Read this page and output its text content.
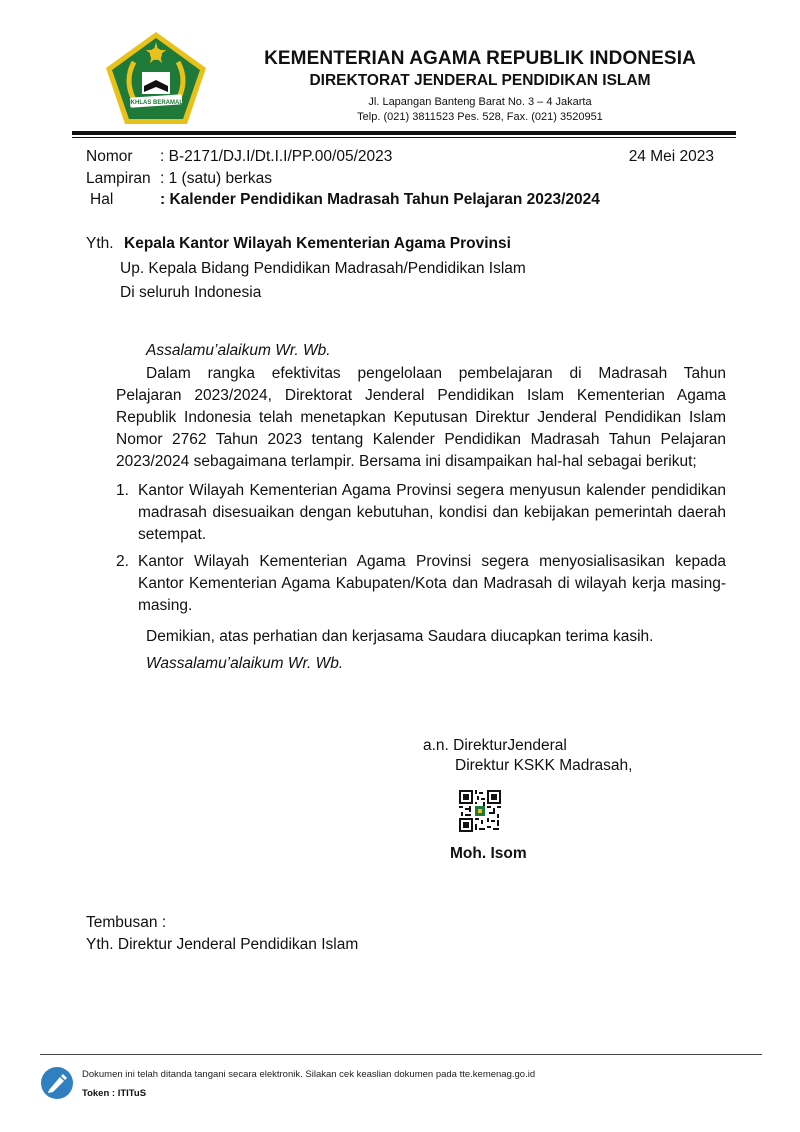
IKHLAS BERAMAL
KEMENTERIAN AGAMA REPUBLIK INDONESIA
DIREKTORAT JENDERAL PENDIDIKAN ISLAM
Jl. Lapangan Banteng Barat No. 3 – 4 Jakarta
Telp. (021) 3811523 Pes. 528, Fax. (021) 3520951
Nomor : B-2171/DJ.I/Dt.I.I/PP.00/05/2023	24 Mei 2023
Lampiran : 1 (satu) berkas
Hal	: Kalender Pendidikan Madrasah Tahun Pelajaran 2023/2024
Yth. Kepala Kantor Wilayah Kementerian Agama Provinsi
Up. Kepala Bidang Pendidikan Madrasah/Pendidikan Islam
Di seluruh Indonesia
Assalamu’alaikum Wr. Wb.
Dalam rangka efektivitas pengelolaan pembelajaran di Madrasah Tahun
Pelajaran 2023/2024, Direktorat Jenderal Pendidikan Islam Kementerian Agama Republik Indonesia telah menetapkan Keputusan Direktur Jenderal Pendidikan Islam Nomor 2762 Tahun 2023 tentang Kalender Pendidikan Madrasah Tahun Pelajaran 2023/2024 sebagaimana terlampir. Bersama ini disampaikan hal-hal sebagai berikut;
1. Kantor Wilayah Kementerian Agama Provinsi segera menyusun kalender pendidikan madrasah disesuaikan dengan kebutuhan, kondisi dan kebijakan pemerintah daerah setempat.
2. Kantor Wilayah Kementerian Agama Provinsi segera menyosialisasikan kepada Kantor Kementerian Agama Kabupaten/Kota dan Madrasah di wilayah kerja masing-masing.
Demikian, atas perhatian dan kerjasama Saudara diucapkan terima kasih.
Wassalamu’alaikum Wr. Wb.
a.n. DirekturJenderal
Direktur KSKK Madrasah,
Moh. Isom
Tembusan :
Yth. Direktur Jenderal Pendidikan Islam
Dokumen ini telah ditanda tangani secara elektronik. Silakan cek keaslian dokumen pada tte.kemenag.go.id
Token : ITITuS
